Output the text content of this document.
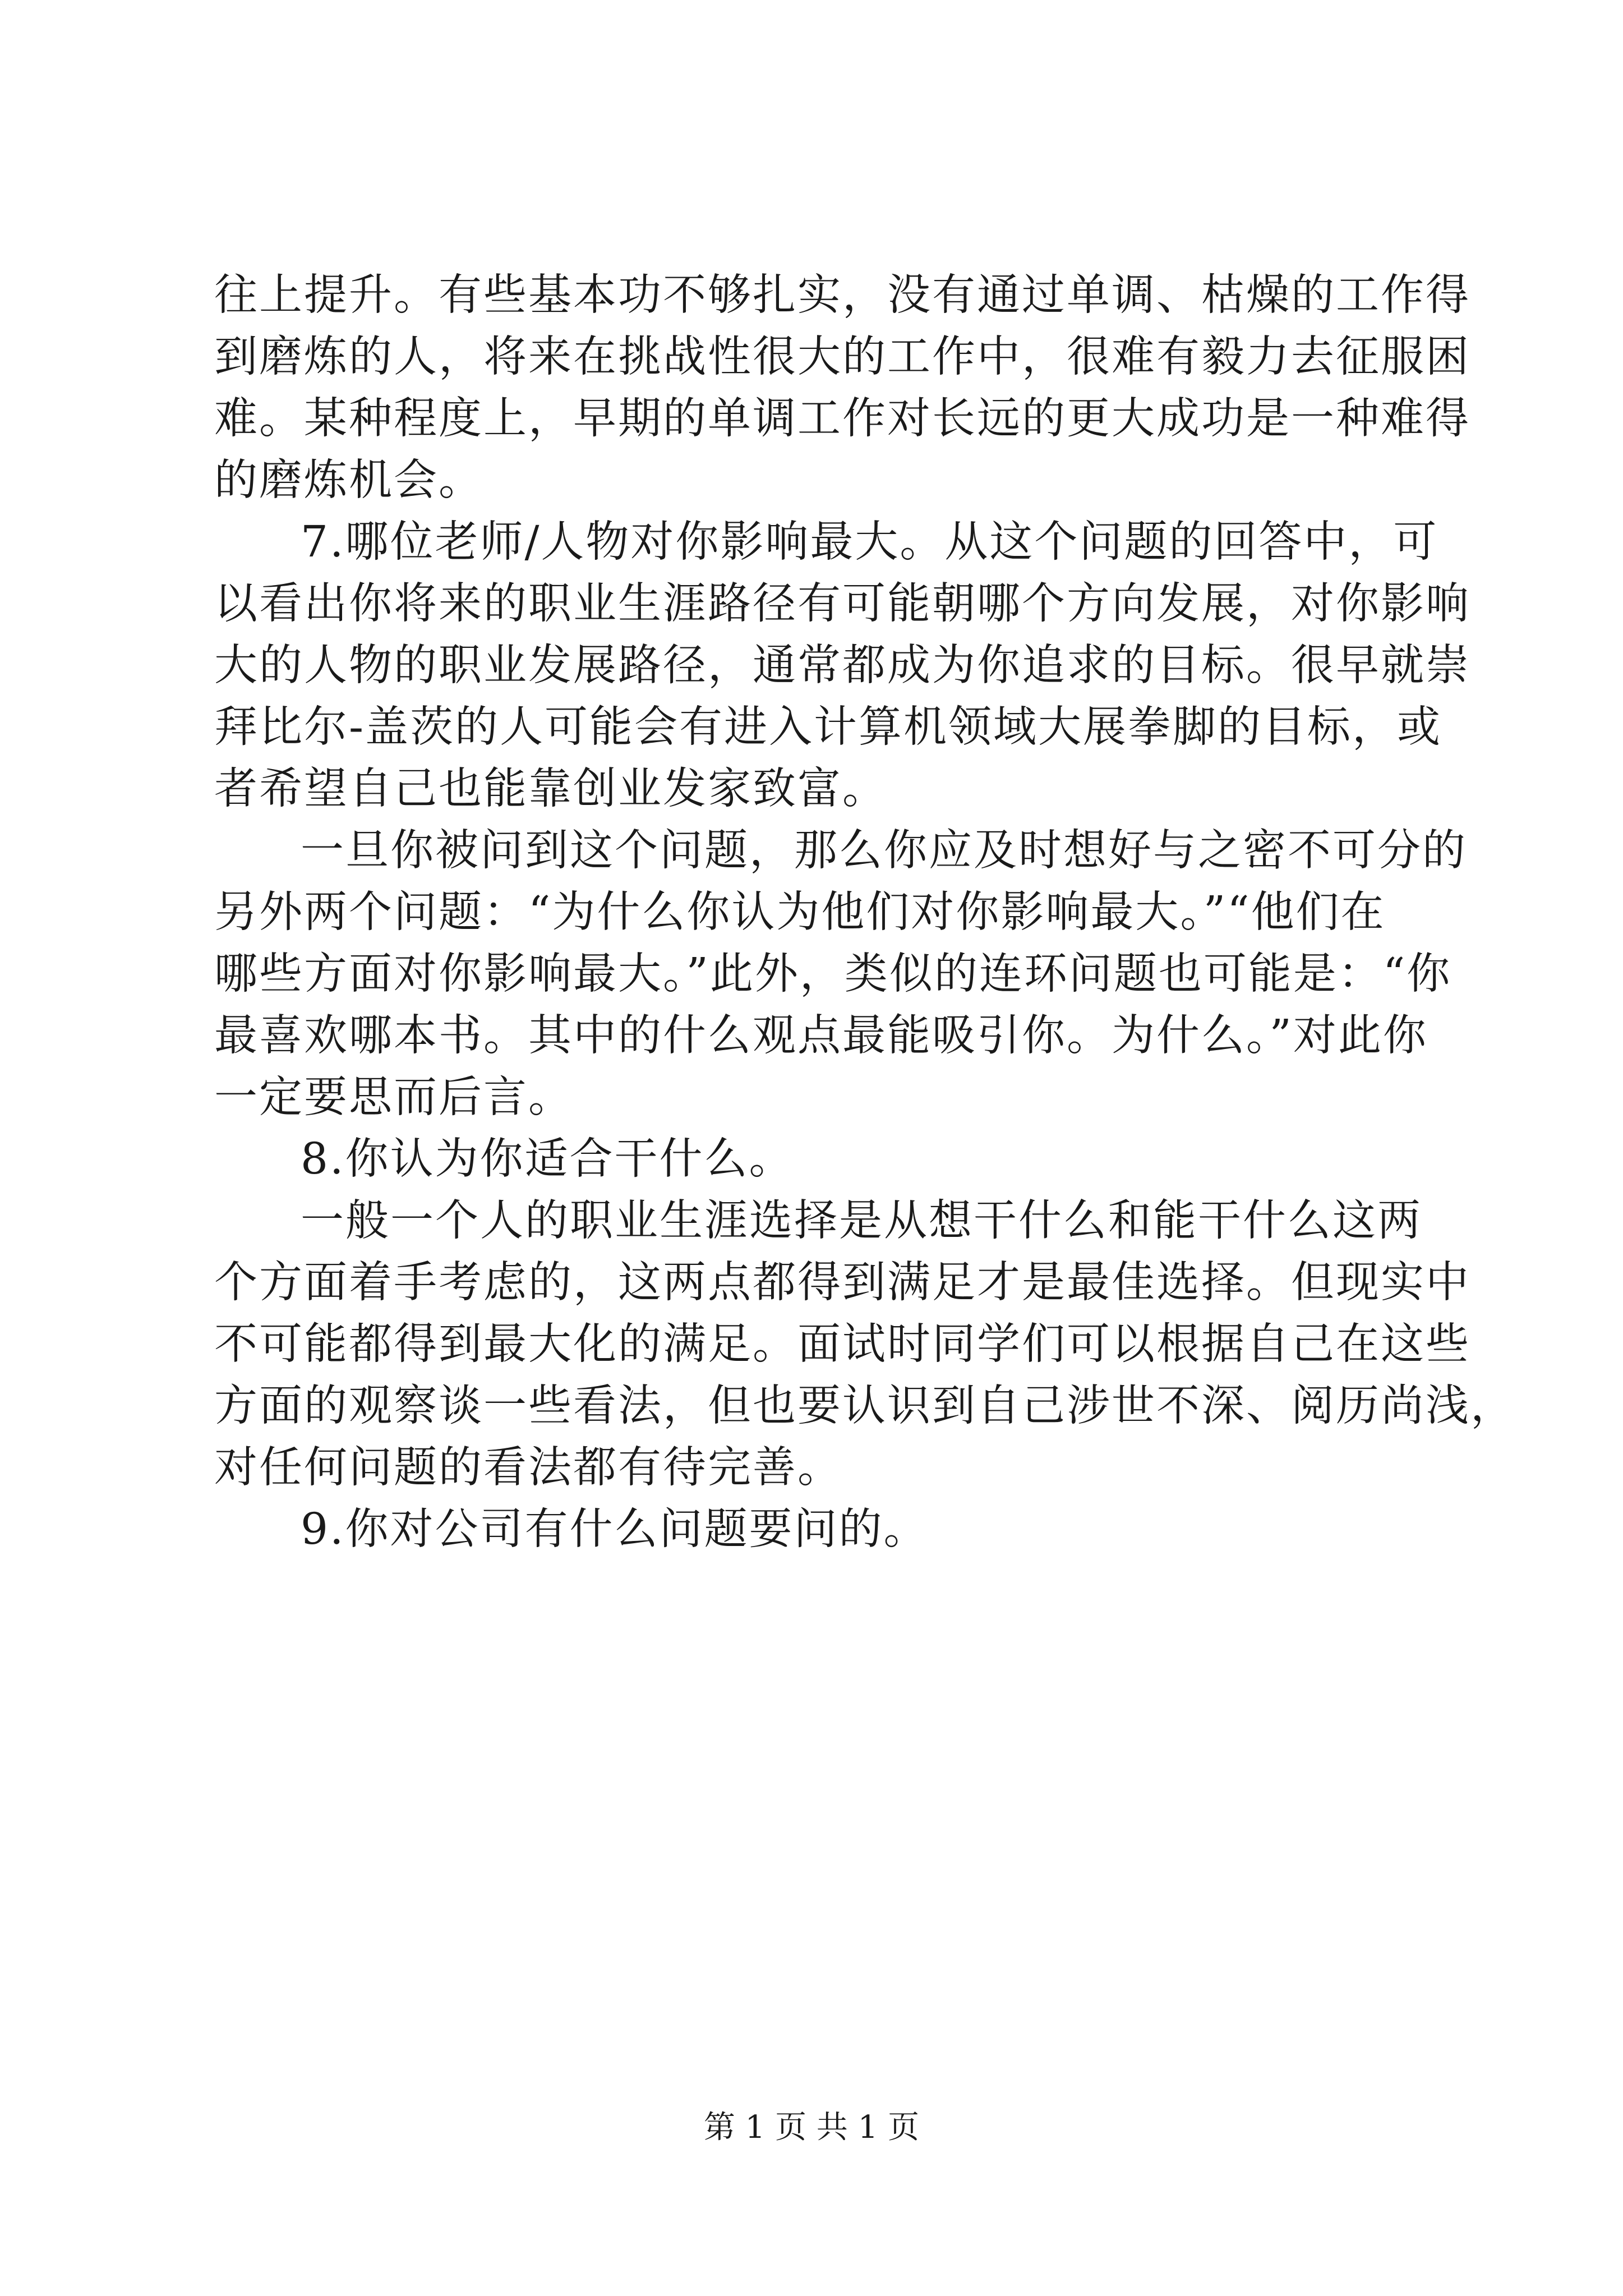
往上提升。有些基本功不够扎实，没有通过单调、枯燥的工作得
到磨炼的人，将来在挑战性很大的工作中，很难有毅力去征服困
难。某种程度上，早期的单调工作对长远的更大成功是一种难得
的磨炼机会。
7.哪位老师/人物对你影响最大。从这个问题的回答中，可
以看出你将来的职业生涯路径有可能朝哪个方向发展，对你影响
大的人物的职业发展路径，通常都成为你追求的目标。很早就崇
拜比尔-盖茨的人可能会有进入计算机领域大展拳脚的目标，或
者希望自己也能靠创业发家致富。
一旦你被问到这个问题，那么你应及时想好与之密不可分的
另外两个问题：“为什么你认为他们对你影响最大。”“他们在
哪些方面对你影响最大。”此外，类似的连环问题也可能是：“你
最喜欢哪本书。其中的什么观点最能吸引你。为什么。”对此你
一定要思而后言。
8.你认为你适合干什么。
一般一个人的职业生涯选择是从想干什么和能干什么这两
个方面着手考虑的，这两点都得到满足才是最佳选择。但现实中
不可能都得到最大化的满足。面试时同学们可以根据自己在这些
方面的观察谈一些看法，但也要认识到自己涉世不深、阅历尚浅，
对任何问题的看法都有待完善。
9.你对公司有什么问题要问的。
第 1 页 共 1 页
